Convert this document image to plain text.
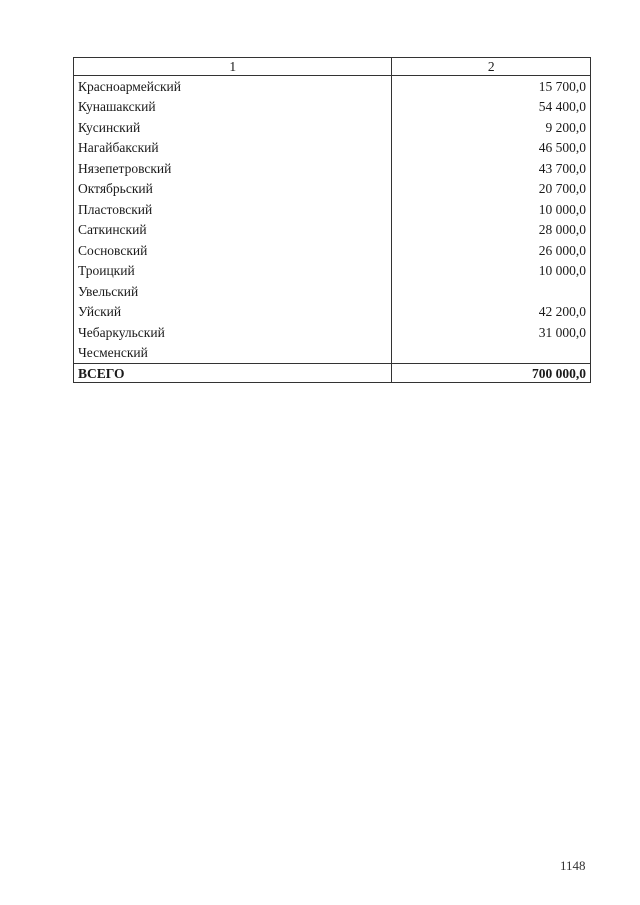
1	2
Красноармейский	15 700,0
Кунашакский	54 400,0
Кусинский	9 200,0
Нагайбакский	46 500,0
Нязепетровский	43 700,0
Октябрьский	20 700,0
Пластовский	10 000,0
Саткинский	28 000,0
Сосновский	26 000,0
Троицкий	10 000,0
Увельский	
Уйский	42 200,0
Чебаркульский	31 000,0
Чесменский	
ВСЕГО	700 000,0
1148
